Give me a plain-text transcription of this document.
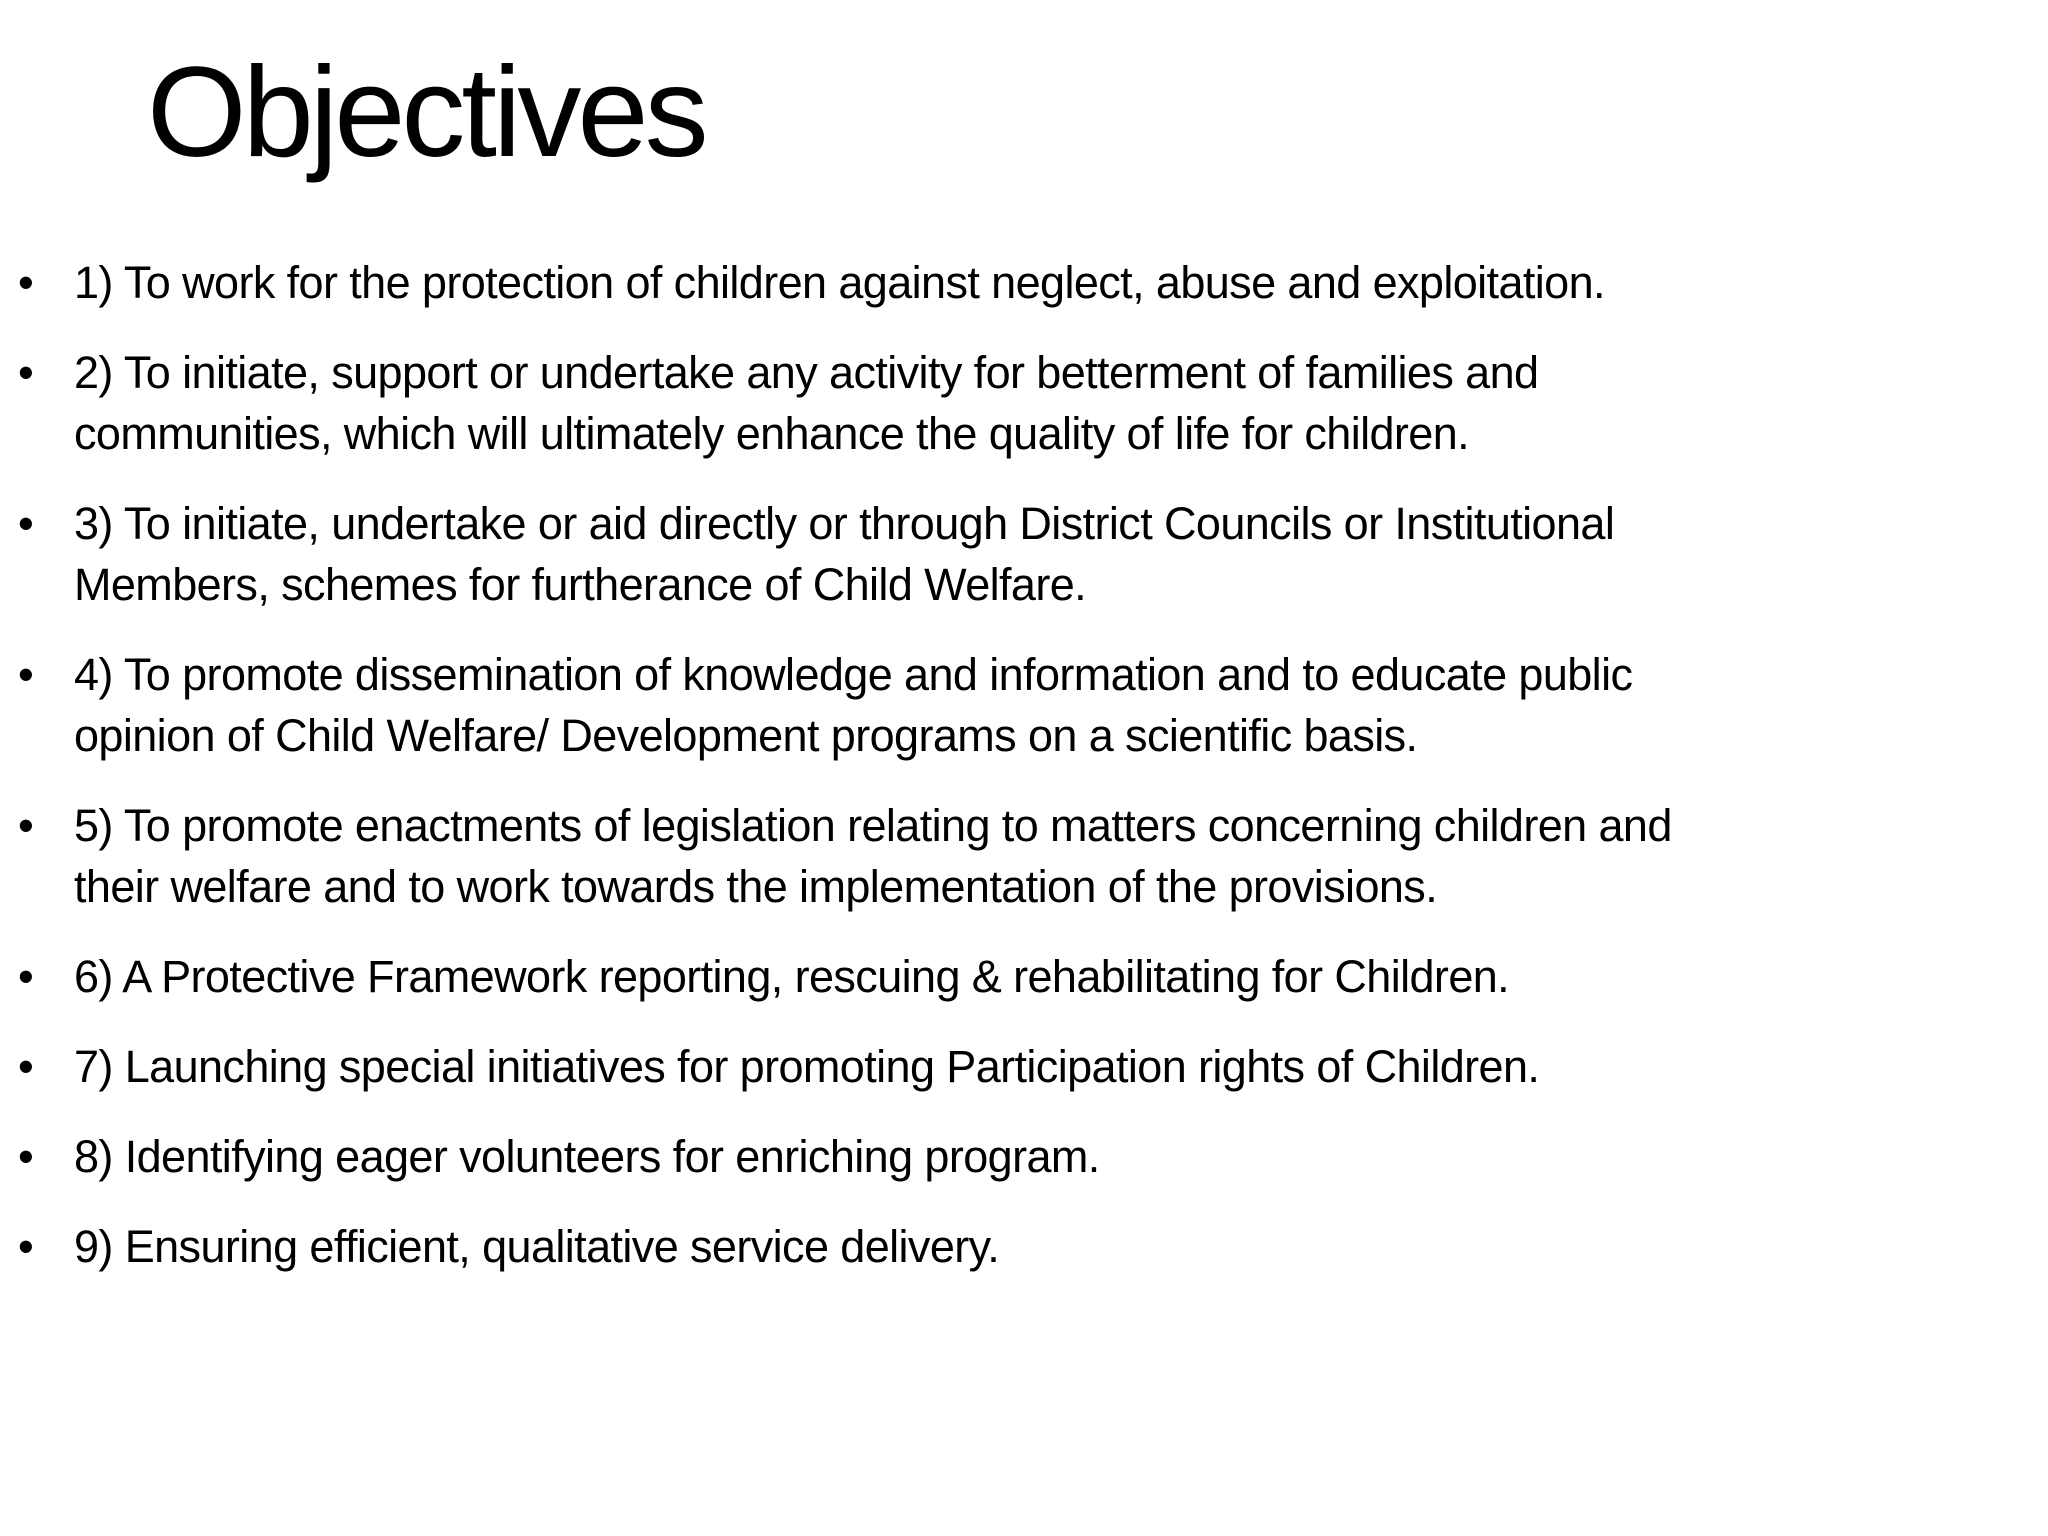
Objectives
• 1) To work for the protection of children against neglect, abuse and exploitation.
• 2) To initiate, support or undertake any activity for betterment of families and
communities, which will ultimately enhance the quality of life for children.
• 3) To initiate, undertake or aid directly or through District Councils or Institutional
Members, schemes for furtherance of Child Welfare.
• 4) To promote dissemination of knowledge and information and to educate public
opinion of Child Welfare/ Development programs on a scientific basis.
• 5) To promote enactments of legislation relating to matters concerning children and
their welfare and to work towards the implementation of the provisions.
• 6) A Protective Framework reporting, rescuing & rehabilitating for Children.
• 7) Launching special initiatives for promoting Participation rights of Children.
• 8) Identifying eager volunteers for enriching program.
• 9) Ensuring efficient, qualitative service delivery.
